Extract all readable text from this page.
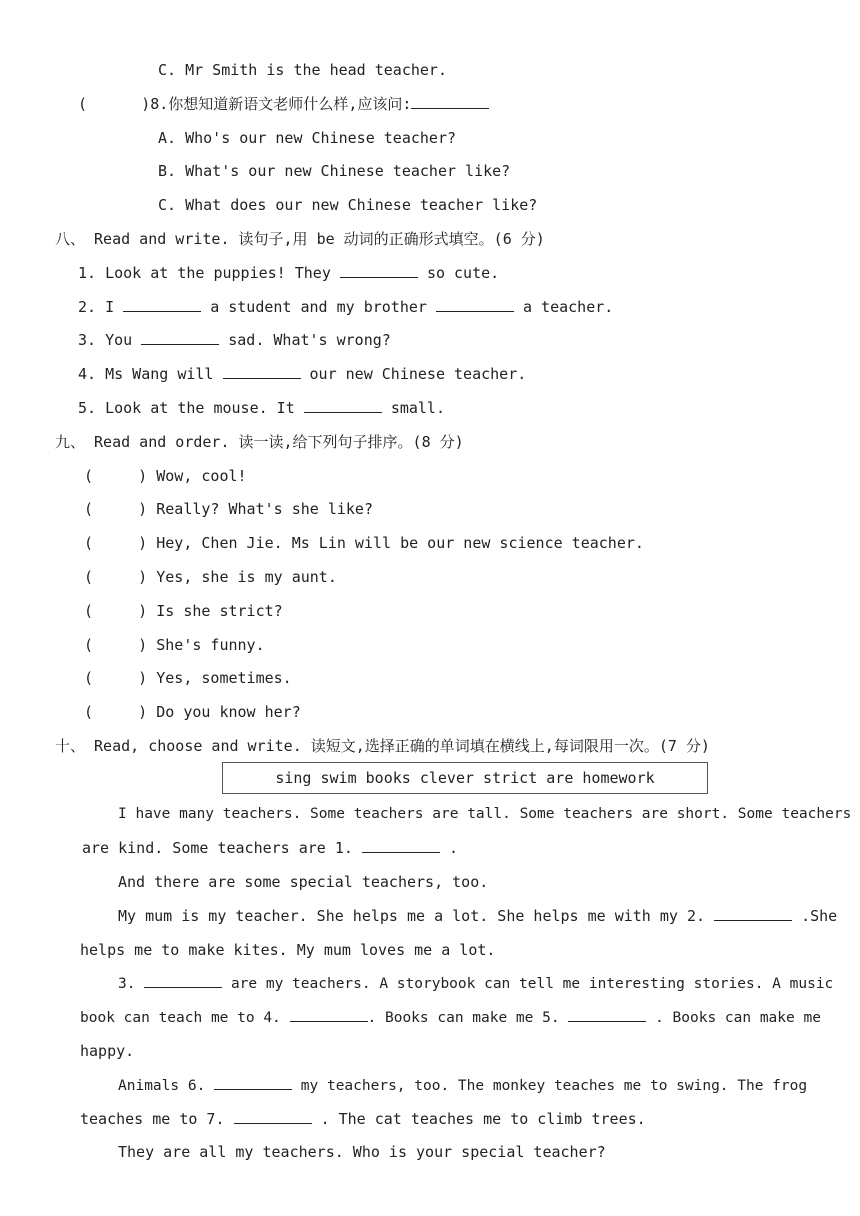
C. Mr Smith is the head teacher.
(      )8.你想知道新语文老师什么样,应该问:
A. Who's our new Chinese teacher?
B. What's our new Chinese teacher like?
C. What does our new Chinese teacher like?
八、 Read and write. 读句子,用 be 动词的正确形式填空。(6 分)
1. Look at the puppies! They	so cute.
2. I	a student and my brother	a teacher.
3. You	sad. What's wrong?
4. Ms Wang will	our new Chinese teacher.
5. Look at the mouse. It	small.
九、 Read and order. 读一读,给下列句子排序。(8 分)
(     ) Wow, cool!
(     ) Really? What's she like?
(     ) Hey, Chen Jie. Ms Lin will be our new science teacher.
(     ) Yes, she is my aunt.
(     ) Is she strict?
(     ) She's funny.
(     ) Yes, sometimes.
(     ) Do you know her?
十、 Read, choose and write. 读短文,选择正确的单词填在横线上,每词限用一次。(7 分)
sing swim books clever strict are homework
I have many teachers. Some teachers are tall. Some teachers are short. Some teachers
are kind. Some teachers are 1.	.
And there are some special teachers, too.
My mum is my teacher. She helps me a lot. She helps me with my 2.	.She
helps me to make kites. My mum loves me a lot.
3.	are my teachers. A storybook can tell me interesting stories. A music
book can teach me to 4.	. Books can make me 5.	. Books can make me
happy.
Animals 6.	my teachers, too. The monkey teaches me to swing. The frog
teaches me to 7.	. The cat teaches me to climb trees.
They are all my teachers. Who is your special teacher?
